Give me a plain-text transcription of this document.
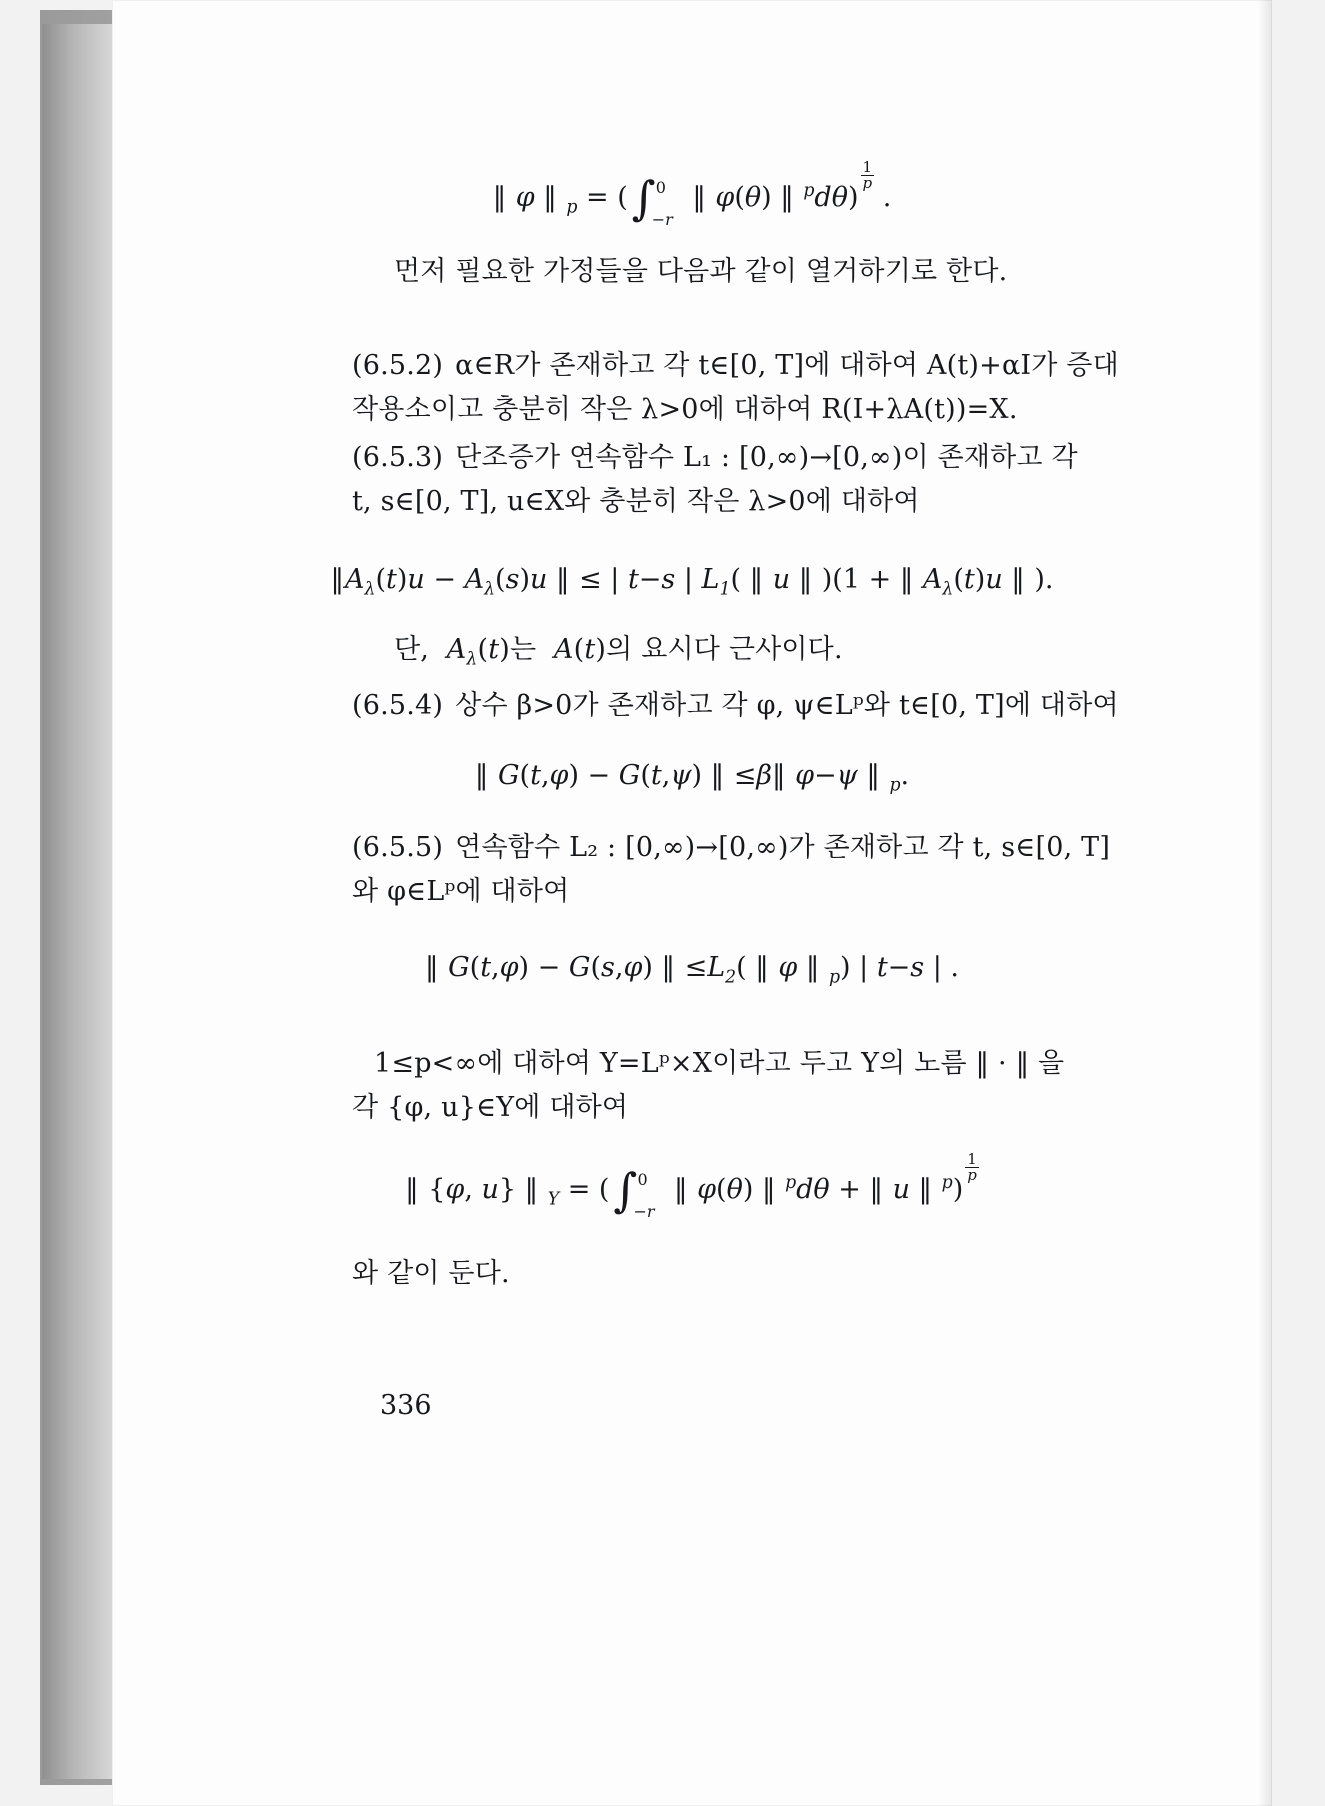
‖ φ ‖ $_p$ = (∫ 0
−r
‖ φ(θ) ‖ $^p$dθ)
$\frac{1}{p}$
.
먼저 필요한 가정들을 다음과 같이 열거하기로 한다.
(6.5.2) α∈R가 존재하고 각 t∈[0, T]에 대하여 A(t)+αI가 증대
작용소이고 충분히 작은 λ>0에 대하여 R(I+λA(t))=X.
(6.5.3) 단조증가 연속함수 L₁ : [0,∞)→[0,∞)이 존재하고 각
t, s∈[0, T], u∈X와 충분히 작은 λ>0에 대하여
$‖A_\lambda(t)u - A_\lambda(s)u$ ‖ ≤ | t−s | $L_1$( ‖ u ‖ )(1 + ‖ $A_\lambda(t)u$ ‖ ).
단,  $A_\lambda(t)$는  A(t)의 요시다 근사이다.
(6.5.4) 상수 β>0가 존재하고 각 φ, ψ∈Lᵖ와 t∈[0, T]에 대하여
‖ G(t,φ) − G(t,ψ) ‖ ≤β‖ φ−ψ ‖ $_p$.
(6.5.5) 연속함수 L₂ : [0,∞)→[0,∞)가 존재하고 각 t, s∈[0, T]
와 φ∈Lᵖ에 대하여
‖ G(t,φ) − G(s,φ) ‖ $\le L_2$( ‖ φ ‖ $_p$) | t−s | .
1≤p<∞에 대하여 Y=Lᵖ×X이라고 두고 Y의 노름 ‖ · ‖ 을
각 {φ, u}∈Y에 대하여
‖ {φ, u} ‖ $_Y$ = (∫ 0
−r
‖ φ(θ) ‖ $^p$dθ + ‖ u ‖ $^p$)
$\frac{1}{p}$
와 같이 둔다.
336
